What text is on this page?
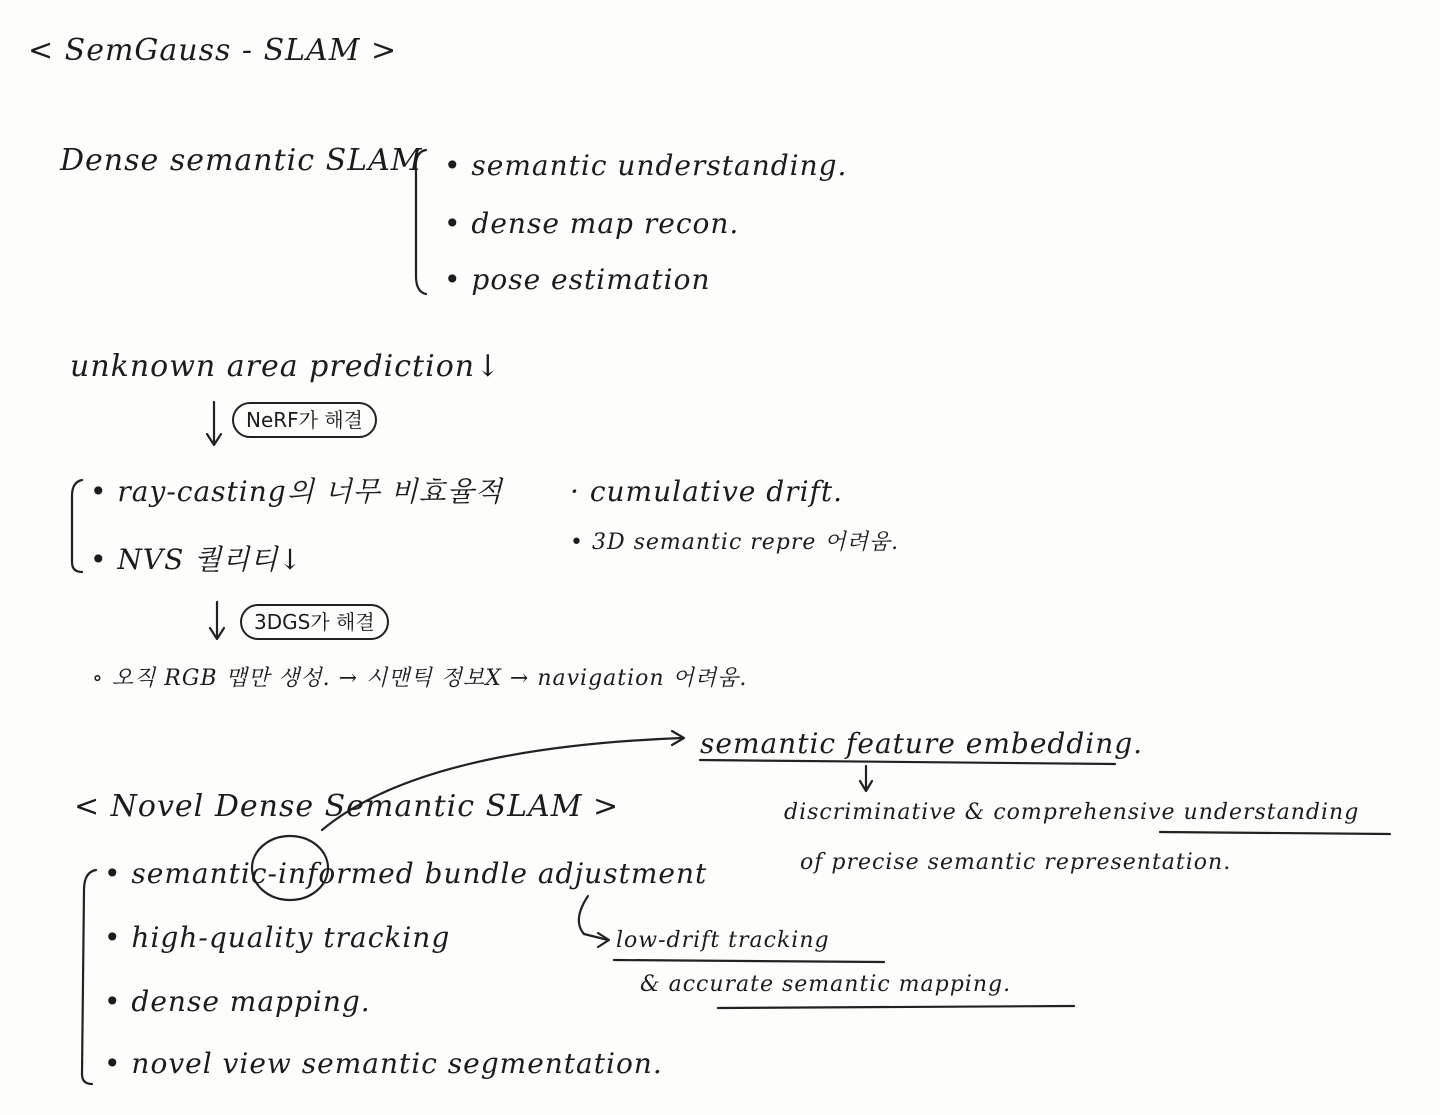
< SemGauss - SLAM >
Dense semantic SLAM • semantic understanding.
• dense map recon.
• pose estimation
unknown area prediction↓
NeRF가 해결
• ray-casting의 너무 비효율적
• NVS 퀄리티↓
· cumulative drift.
• 3D semantic repre 어려움.
3DGS가 해결
∘ 오직 RGB 맵만 생성. → 시맨틱 정보X → navigation 어려움.
semantic feature embedding.
< Novel Dense Semantic SLAM >	discriminative & comprehensive understanding
of precise semantic representation.
• semantic-informed bundle adjustment
• high-quality tracking
• dense mapping.
• novel view semantic segmentation.
low-drift tracking
& accurate semantic mapping.
